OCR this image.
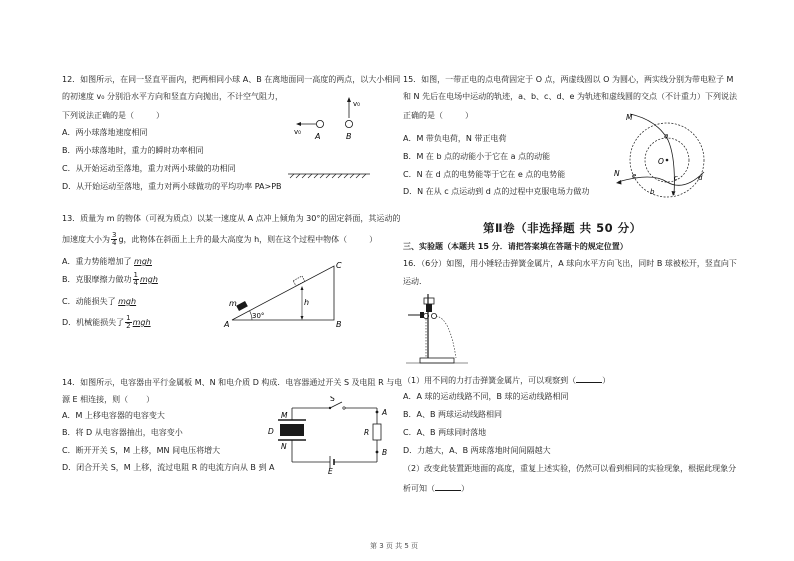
12．如图所示，在同一竖直平面内，把两相同小球 A、B 在离地面同一高度的两点，以大小相同
的初速度 v₀ 分别沿水平方向和竖直方向抛出，不计空气阻力，
下列说法正确的是（	）
A．两小球落地速度相同
B．两小球落地时，重力的瞬时功率相同
C．从开始运动至落地，重力对两小球做的功相同
D．从开始运动至落地，重力对两小球做功的平均功率 PA>PB
v₀
B
v₀ A
13．质量为 m 的物体（可视为质点）以某一速度从 A 点冲上倾角为 30°的固定斜面，其运动的
加速度大小为 $\frac{3}{4}$ g，此物体在斜面上上升的最大高度为 h，则在这个过程中物体（	）
A．重力势能增加了 mgh
B．克服摩擦力做功 $\frac{1}{4}$ mgh
C．动能损失了 mgh
D．机械能损失了 $\frac{1}{2}$ mgh
30°
m	h
A	B
C
14．如图所示，电容器由平行金属板 M、N 和电介质 D 构成．电容器通过开关 S 及电阻 R 与电
源 E 相连接，则（ ）
A．M 上移电容器的电容变大
B．将 D 从电容器抽出，电容变小
C．断开开关 S，M 上移，MN 间电压将增大
D．闭合开关 S，M 上移，流过电阻 R 的电流方向从 B 到 A
S
M
D
N
E
R
A
B
15．如图，一带正电的点电荷固定于 O 点，两虚线圆以 O 为圆心，两实线分别为带电粒子 M
和 N 先后在电场中运动的轨迹，a、b、c、d、e 为轨迹和虚线圆的交点（不计重力）下列说法
正确的是（	）
A．M 带负电荷，N 带正电荷
B．M 在 b 点的动能小于它在 a 点的动能
C．N 在 d 点的电势能等于它在 e 点的电势能
D．N 在从 c 点运动到 d 点的过程中克服电场力做功
O
M
N
a
b
c	d
e
第Ⅱ卷（非选择题 共 50 分）
三、实验题（本题共 15 分．请把答案填在答题卡的规定位置）
16．（6分）如图，用小锤轻击弹簧金属片，A 球向水平方向飞出，同时 B 球被松开，竖直向下
运动．
（1）用不同的力打击弹簧金属片，可以观察到（	）
A．A 球的运动线路不同，B 球的运动线路相同
B．A、B 两球运动线路相同
C．A、B 两球同时落地
D．力越大，A、B 两球落地时间间隔越大
（2）改变此装置距地面的高度，重复上述实验，仍然可以看到相同的实验现象，根据此现象分
析可知（	）
第 3 页 共 5 页
